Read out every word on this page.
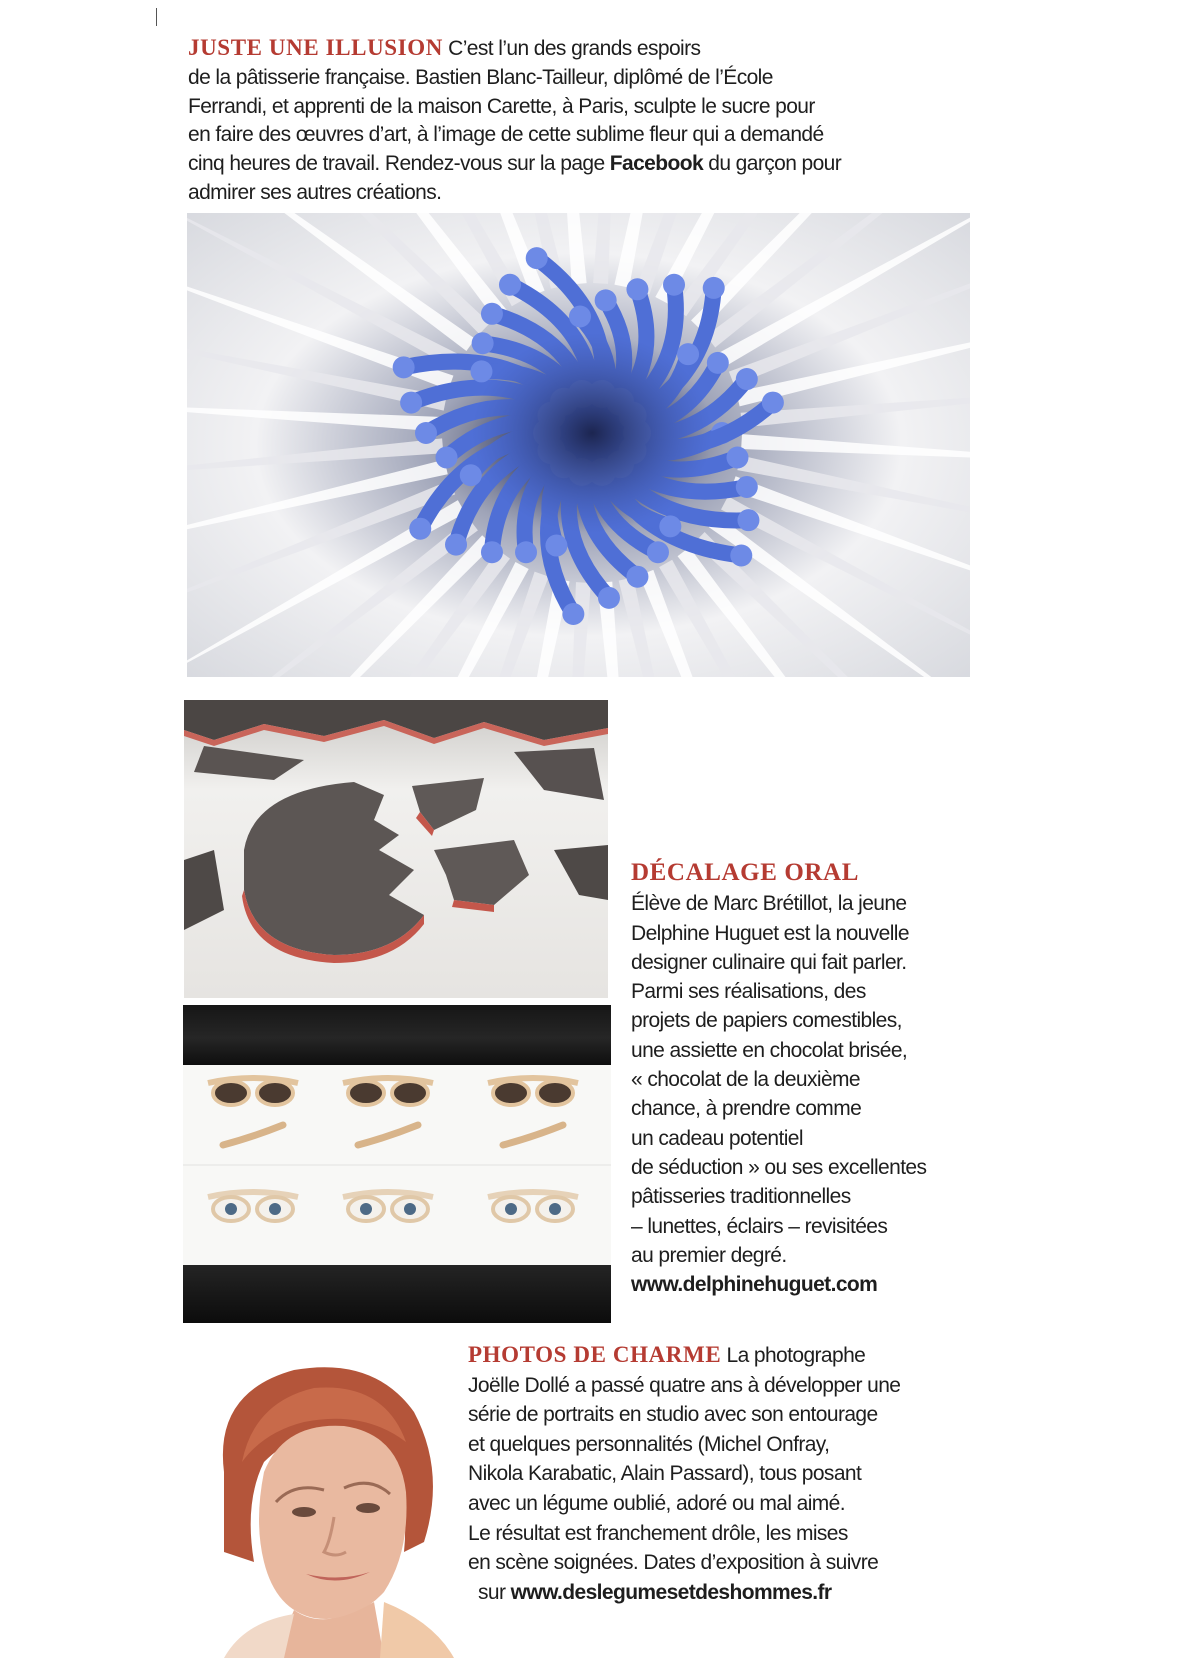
JUSTE UNE ILLUSION C’est l’un des grands espoirs
de la pâtisserie française. Bastien Blanc-Tailleur, diplômé de l’École
Ferrandi, et apprenti de la maison Carette, à Paris, sculpte le sucre pour
en faire des œuvres d’art, à l’image de cette sublime fleur qui a demandé
cinq heures de travail. Rendez-vous sur la page Facebook du garçon pour
admirer ses autres créations.

DÉCALAGE ORAL
Élève de Marc Brétillot, la jeune
Delphine Huguet est la nouvelle
designer culinaire qui fait parler.
Parmi ses réalisations, des
projets de papiers comestibles,
une assiette en chocolat brisée,
« chocolat de la deuxième
chance, à prendre comme
un cadeau potentiel
de séduction » ou ses excellentes
pâtisseries traditionnelles
– lunettes, éclairs – revisitées
au premier degré.
www.delphinehuguet.com

PHOTOS DE CHARME La photographe
Joëlle Dollé a passé quatre ans à développer une
série de portraits en studio avec son entourage
et quelques personnalités (Michel Onfray,
Nikola Karabatic, Alain Passard), tous posant
avec un légume oublié, adoré ou mal aimé.
Le résultat est franchement drôle, les mises
en scène soignées. Dates d’exposition à suivre
sur www.deslegumesetdeshommes.fr
